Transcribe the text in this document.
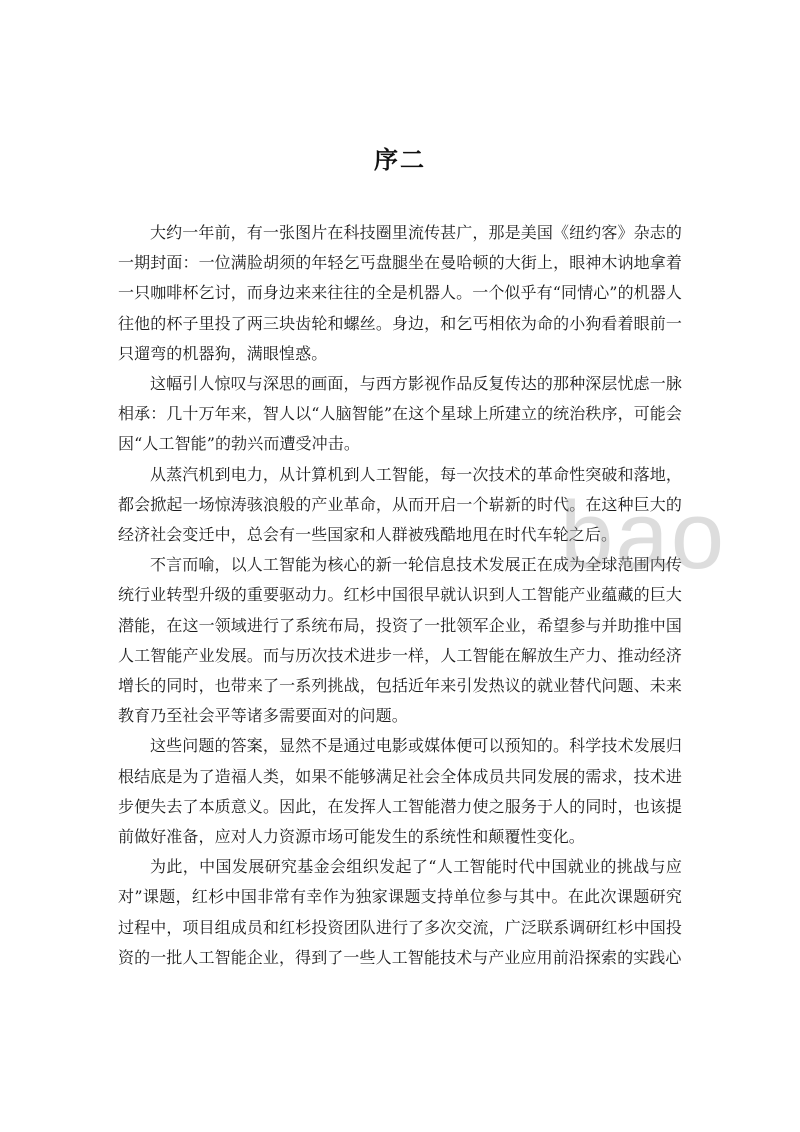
序二

大约一年前，有一张图片在科技圈里流传甚广，那是美国《纽约客》杂志的一期封面：一位满脸胡须的年轻乞丐盘腿坐在曼哈顿的大街上，眼神木讷地拿着一只咖啡杯乞讨，而身边来来往往的全是机器人。一个似乎有“同情心”的机器人往他的杯子里投了两三块齿轮和螺丝。身边，和乞丐相依为命的小狗看着眼前一只遛弯的机器狗，满眼惶惑。

这幅引人惊叹与深思的画面，与西方影视作品反复传达的那种深层忧虑一脉相承：几十万年来，智人以“人脑智能”在这个星球上所建立的统治秩序，可能会因“人工智能”的勃兴而遭受冲击。

从蒸汽机到电力，从计算机到人工智能，每一次技术的革命性突破和落地，都会掀起一场惊涛骇浪般的产业革命，从而开启一个崭新的时代。在这种巨大的经济社会变迁中，总会有一些国家和人群被残酷地甩在时代车轮之后。

不言而喻，以人工智能为核心的新一轮信息技术发展正在成为全球范围内传统行业转型升级的重要驱动力。红杉中国很早就认识到人工智能产业蕴藏的巨大潜能，在这一领域进行了系统布局，投资了一批领军企业，希望参与并助推中国人工智能产业发展。而与历次技术进步一样，人工智能在解放生产力、推动经济增长的同时，也带来了一系列挑战，包括近年来引发热议的就业替代问题、未来教育乃至社会平等诸多需要面对的问题。

这些问题的答案，显然不是通过电影或媒体便可以预知的。科学技术发展归根结底是为了造福人类，如果不能够满足社会全体成员共同发展的需求，技术进步便失去了本质意义。因此，在发挥人工智能潜力使之服务于人的同时，也该提前做好准备，应对人力资源市场可能发生的系统性和颠覆性变化。

为此，中国发展研究基金会组织发起了“人工智能时代中国就业的挑战与应对”课题，红杉中国非常有幸作为独家课题支持单位参与其中。在此次课题研究过程中，项目组成员和红杉投资团队进行了多次交流，广泛联系调研红杉中国投资的一批人工智能企业，得到了一些人工智能技术与产业应用前沿探索的实践心

bao
